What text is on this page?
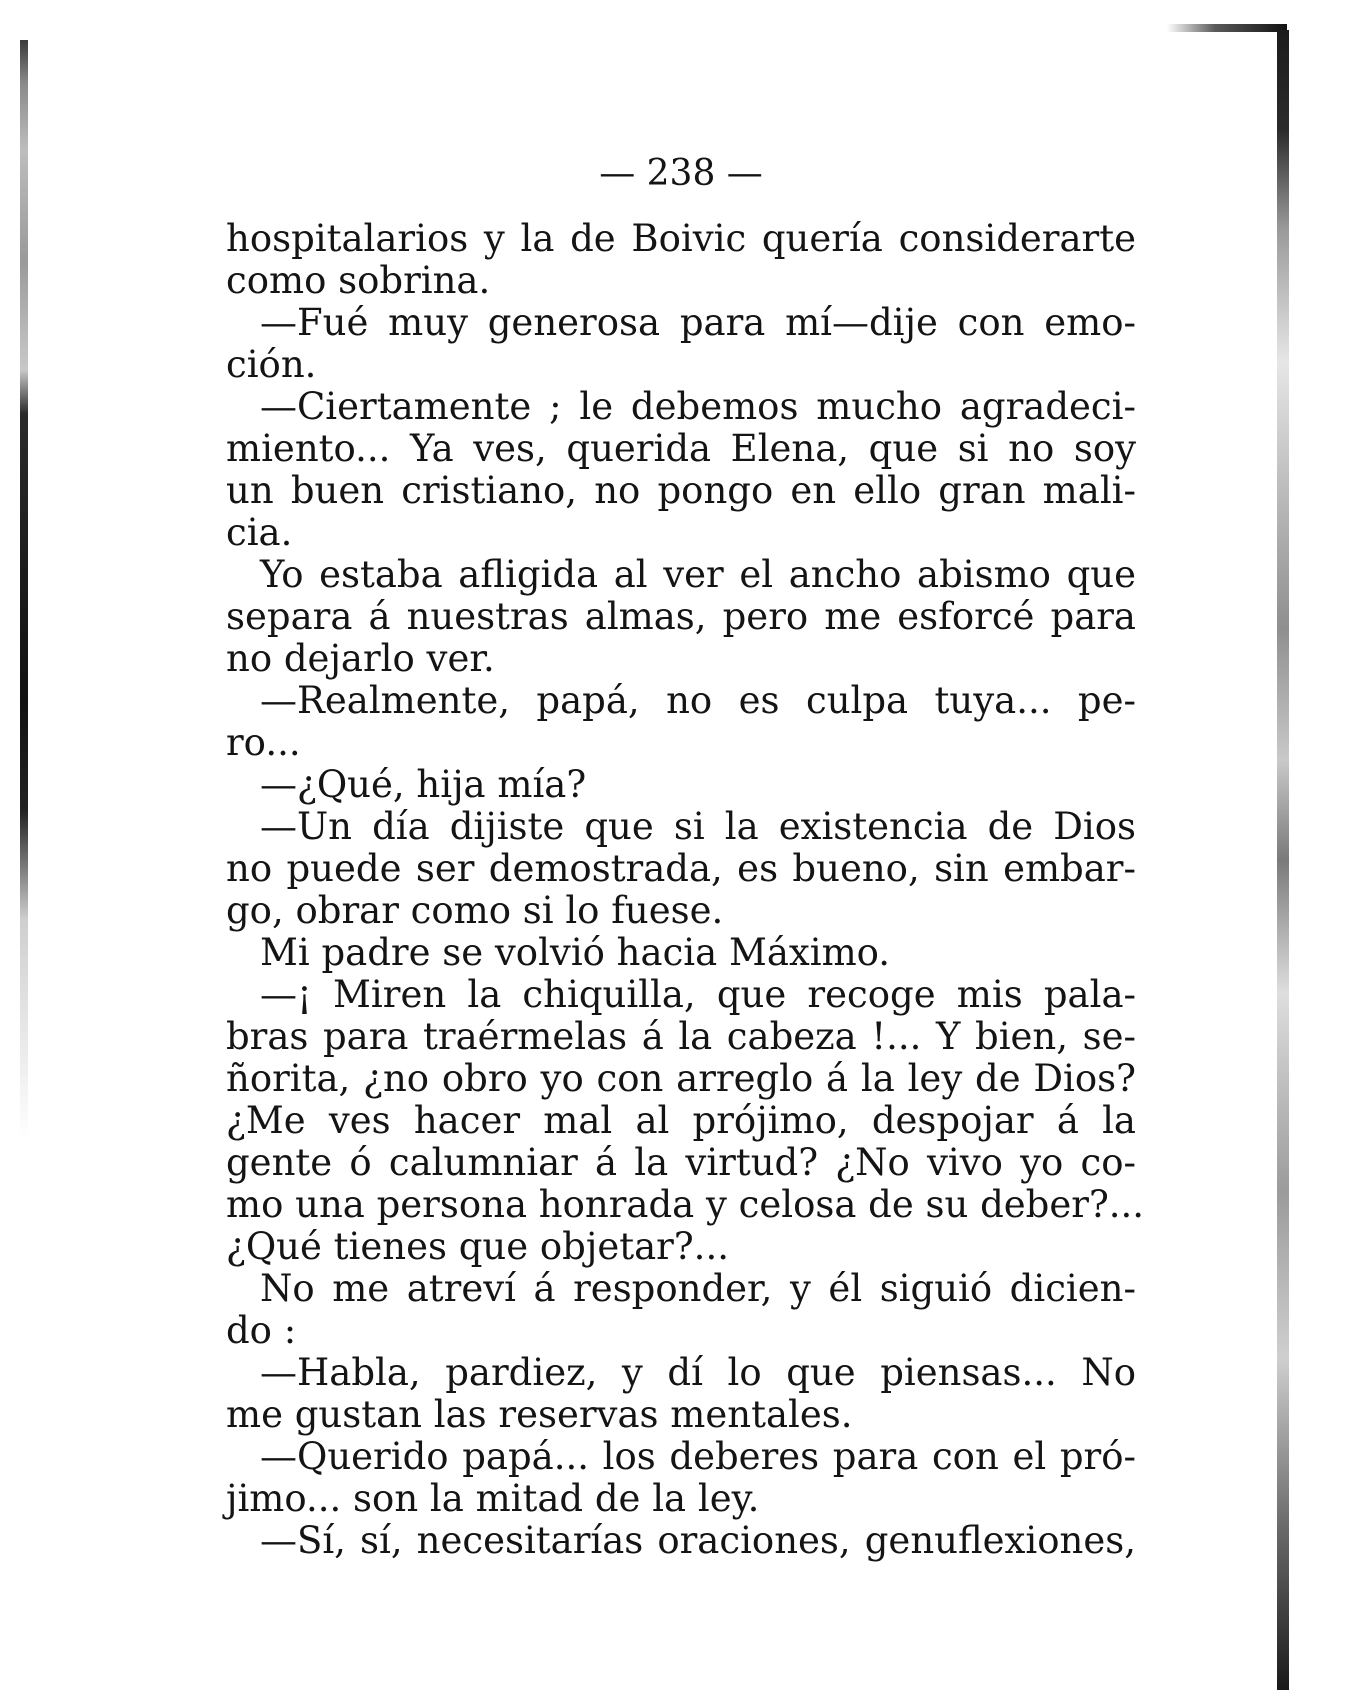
— 238 —
hospitalarios y la de Boivic quería considerarte
como sobrina.
—Fué muy generosa para mí—dije con emo-
ción.
—Ciertamente ; le debemos mucho agradeci-
miento... Ya ves, querida Elena, que si no soy
un buen cristiano, no pongo en ello gran mali-
cia.
Yo estaba afligida al ver el ancho abismo que
separa á nuestras almas, pero me esforcé para
no dejarlo ver.
—Realmente, papá, no es culpa tuya... pe-
ro...
—¿Qué, hija mía?
—Un día dijiste que si la existencia de Dios
no puede ser demostrada, es bueno, sin embar-
go, obrar como si lo fuese.
Mi padre se volvió hacia Máximo.
—¡ Miren la chiquilla, que recoge mis pala-
bras para traérmelas á la cabeza !... Y bien, se-
ñorita, ¿no obro yo con arreglo á la ley de Dios?
¿Me ves hacer mal al prójimo, despojar á la
gente ó calumniar á la virtud? ¿No vivo yo co-
mo una persona honrada y celosa de su deber?...
¿Qué tienes que objetar?...
No me atreví á responder, y él siguió dicien-
do :
—Habla, pardiez, y dí lo que piensas... No
me gustan las reservas mentales.
—Querido papá... los deberes para con el pró-
jimo... son la mitad de la ley.
—Sí, sí, necesitarías oraciones, genuflexiones,
